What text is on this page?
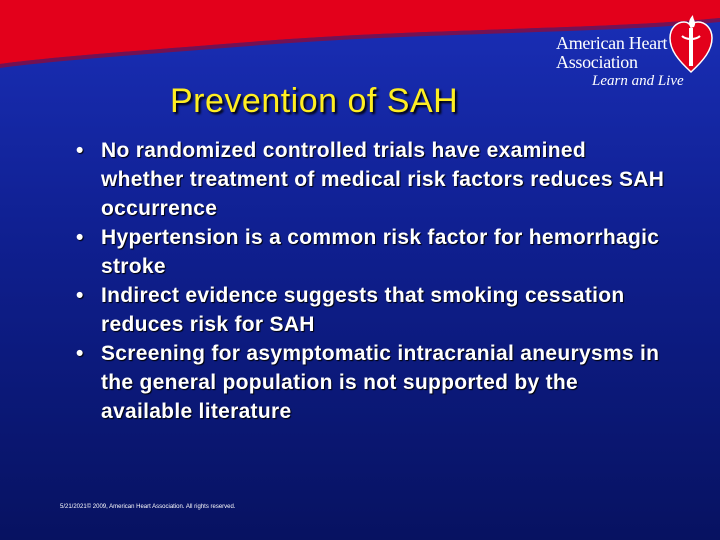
American Heart
Association
Learn and Live
Prevention of SAH
• No randomized controlled trials have examined whether treatment of medical risk factors reduces SAH occurrence
• Hypertension is a common risk factor for hemorrhagic stroke
• Indirect evidence suggests that smoking cessation reduces risk for SAH
• Screening for asymptomatic intracranial aneurysms in the general population is not supported by the available literature
5/21/2021© 2009, American Heart Association. All rights reserved.
